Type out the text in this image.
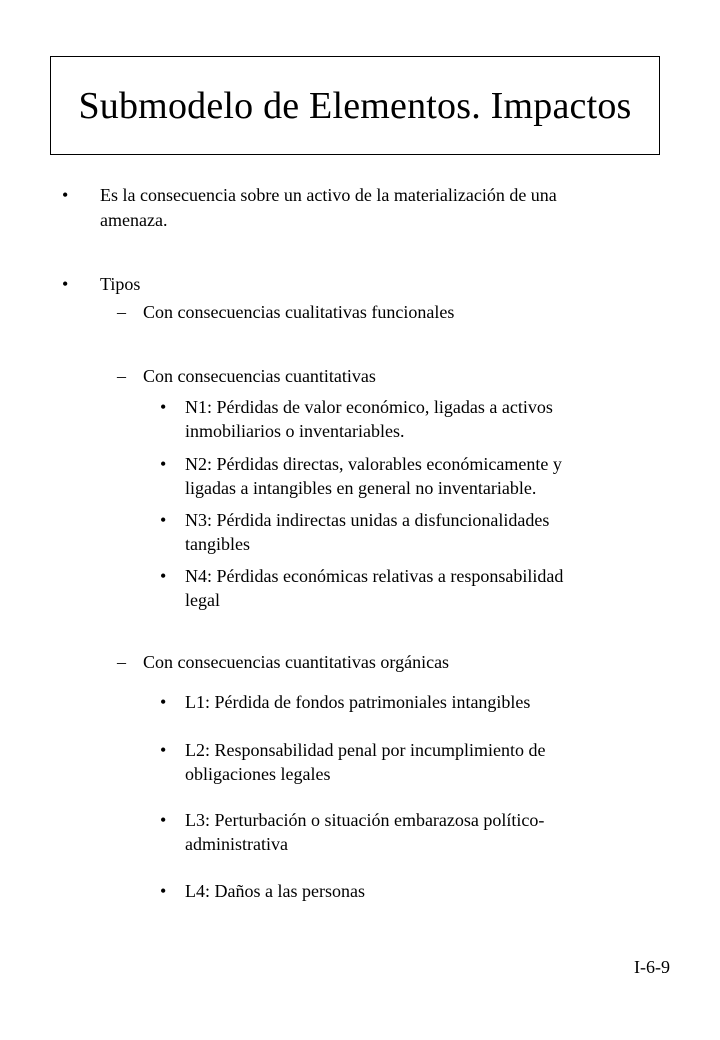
Submodelo de Elementos. Impactos
• Es la consecuencia sobre un activo de la materialización de una
amenaza.
• Tipos
– Con consecuencias cualitativas funcionales
– Con consecuencias cuantitativas
• N1: Pérdidas de valor económico, ligadas a activos
inmobiliarios o inventariables.
• N2: Pérdidas directas, valorables económicamente y
ligadas a intangibles en general no inventariable.
• N3: Pérdida indirectas unidas a disfuncionalidades
tangibles
• N4: Pérdidas económicas relativas a responsabilidad
legal
– Con consecuencias cuantitativas orgánicas
• L1: Pérdida de fondos patrimoniales intangibles
• L2: Responsabilidad penal por incumplimiento de
obligaciones legales
• L3: Perturbación o situación embarazosa político-
administrativa
• L4: Daños a las personas
I-6-9
